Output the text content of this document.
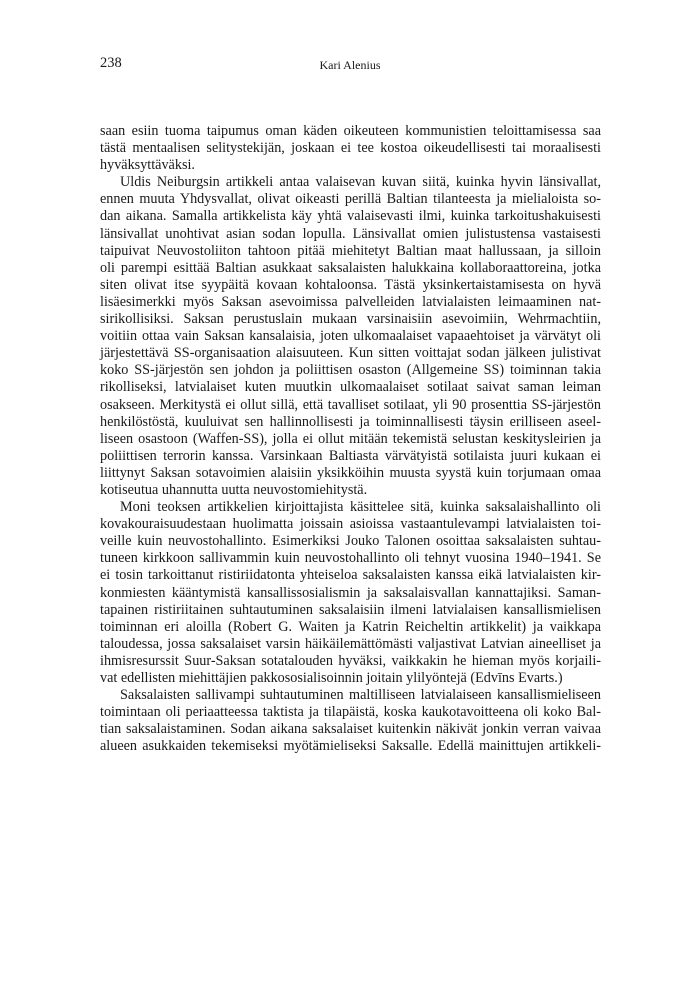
238	Kari Alenius
saan esiin tuoma taipumus oman käden oikeuteen kommunistien teloittamisessa saa
tästä mentaalisen selitystekijän, joskaan ei tee kostoa oikeudellisesti tai moraalisesti
hyväksyttäväksi.
Uldis Neiburgsin artikkeli antaa valaisevan kuvan siitä, kuinka hyvin länsivallat,
ennen muuta Yhdysvallat, olivat oikeasti perillä Baltian tilanteesta ja mielialoista so-
dan aikana. Samalla artikkelista käy yhtä valaisevasti ilmi, kuinka tarkoitushakuisesti
länsivallat unohtivat asian sodan lopulla. Länsivallat omien julistustensa vastaisesti
taipuivat Neuvostoliiton tahtoon pitää miehitetyt Baltian maat hallussaan, ja silloin
oli parempi esittää Baltian asukkaat saksalaisten halukkaina kollaboraattoreina, jotka
siten olivat itse syypäitä kovaan kohtaloonsa. Tästä yksinkertaistamisesta on hyvä
lisäesimerkki myös Saksan asevoimissa palvelleiden latvialaisten leimaaminen nat-
sirikollisiksi. Saksan perustuslain mukaan varsinaisiin asevoimiin, Wehrmachtiin,
voitiin ottaa vain Saksan kansalaisia, joten ulkomaalaiset vapaaehtoiset ja värvätyt oli
järjestettävä SS-organisaation alaisuuteen. Kun sitten voittajat sodan jälkeen julistivat
koko SS-järjestön sen johdon ja poliittisen osaston (Allgemeine SS) toiminnan takia
rikolliseksi, latvialaiset kuten muutkin ulkomaalaiset sotilaat saivat saman leiman
osakseen. Merkitystä ei ollut sillä, että tavalliset sotilaat, yli 90 prosenttia SS-järjestön
henkilöstöstä, kuuluivat sen hallinnollisesti ja toiminnallisesti täysin erilliseen aseel-
liseen osastoon (Waffen-SS), jolla ei ollut mitään tekemistä selustan keskitysleirien ja
poliittisen terrorin kanssa. Varsinkaan Baltiasta värvätyistä sotilaista juuri kukaan ei
liittynyt Saksan sotavoimien alaisiin yksikköihin muusta syystä kuin torjumaan omaa
kotiseutua uhannutta uutta neuvostomiehitystä.
Moni teoksen artikkelien kirjoittajista käsittelee sitä, kuinka saksalaishallinto oli
kovakouraisuudestaan huolimatta joissain asioissa vastaantulevampi latvialaisten toi-
veille kuin neuvostohallinto. Esimerkiksi Jouko Talonen osoittaa saksalaisten suhtau-
tuneen kirkkoon sallivammin kuin neuvostohallinto oli tehnyt vuosina 1940–1941. Se
ei tosin tarkoittanut ristiriidatonta yhteiseloa saksalaisten kanssa eikä latvialaisten kir-
konmiesten kääntymistä kansallissosialismin ja saksalaisvallan kannattajiksi. Saman-
tapainen ristiriitainen suhtautuminen saksalaisiin ilmeni latvialaisen kansallismielisen
toiminnan eri aloilla (Robert G. Waiten ja Katrin Reicheltin artikkelit) ja vaikkapa
taloudessa, jossa saksalaiset varsin häikäilemättömästi valjastivat Latvian aineelliset ja
ihmisresurssit Suur-Saksan sotatalouden hyväksi, vaikkakin he hieman myös korjaili-
vat edellisten miehittäjien pakkososialisoinnin joitain ylilyöntejä (Edvīns Evarts.)
Saksalaisten sallivampi suhtautuminen maltilliseen latvialaiseen kansallismieliseen
toimintaan oli periaatteessa taktista ja tilapäistä, koska kaukotavoitteena oli koko Bal-
tian saksalaistaminen. Sodan aikana saksalaiset kuitenkin näkivät jonkin verran vaivaa
alueen asukkaiden tekemiseksi myötämieliseksi Saksalle. Edellä mainittujen artikkeli-
